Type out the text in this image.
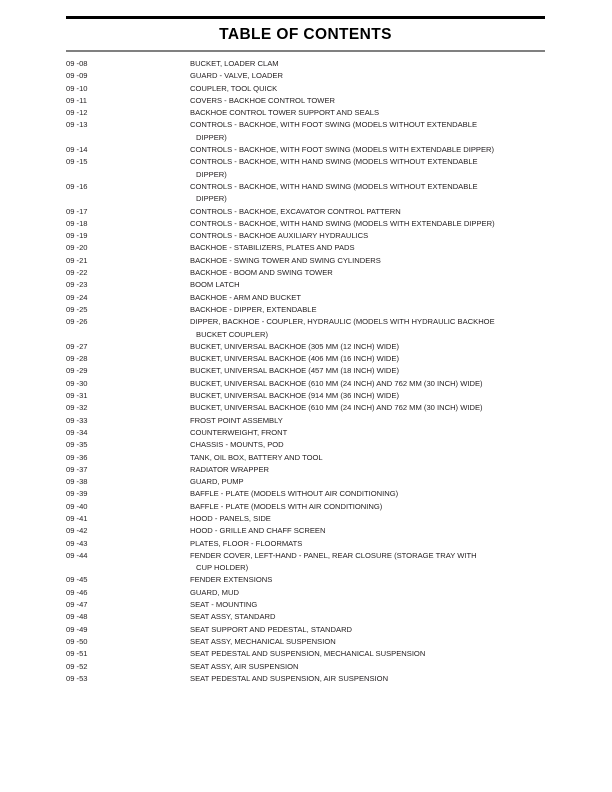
TABLE OF CONTENTS
09 -08	BUCKET, LOADER CLAM
09 -09	GUARD - VALVE, LOADER
09 -10	COUPLER, TOOL QUICK
09 -11	COVERS - BACKHOE CONTROL TOWER
09 -12	BACKHOE CONTROL TOWER SUPPORT AND SEALS
09 -13	CONTROLS - BACKHOE, WITH FOOT SWING (MODELS WITHOUT EXTENDABLE
DIPPER)
09 -14	CONTROLS - BACKHOE, WITH FOOT SWING (MODELS WITH EXTENDABLE DIPPER)
09 -15	CONTROLS - BACKHOE, WITH HAND SWING (MODELS WITHOUT EXTENDABLE
DIPPER)
09 -16	CONTROLS - BACKHOE, WITH HAND SWING (MODELS WITHOUT EXTENDABLE
DIPPER)
09 -17	CONTROLS - BACKHOE, EXCAVATOR CONTROL PATTERN
09 -18	CONTROLS - BACKHOE, WITH HAND SWING (MODELS WITH EXTENDABLE DIPPER)
09 -19	CONTROLS - BACKHOE AUXILIARY HYDRAULICS
09 -20	BACKHOE - STABILIZERS, PLATES AND PADS
09 -21	BACKHOE - SWING TOWER AND SWING CYLINDERS
09 -22	BACKHOE - BOOM AND SWING TOWER
09 -23	BOOM LATCH
09 -24	BACKHOE - ARM AND BUCKET
09 -25	BACKHOE - DIPPER, EXTENDABLE
09 -26	DIPPER, BACKHOE - COUPLER, HYDRAULIC (MODELS WITH HYDRAULIC BACKHOE
BUCKET COUPLER)
09 -27	BUCKET, UNIVERSAL BACKHOE (305 MM (12 INCH) WIDE)
09 -28	BUCKET, UNIVERSAL BACKHOE (406 MM (16 INCH) WIDE)
09 -29	BUCKET, UNIVERSAL BACKHOE (457 MM (18 INCH) WIDE)
09 -30	BUCKET, UNIVERSAL BACKHOE (610 MM (24 INCH) AND 762 MM (30 INCH) WIDE)
09 -31	BUCKET, UNIVERSAL BACKHOE (914 MM (36 INCH) WIDE)
09 -32	BUCKET, UNIVERSAL BACKHOE (610 MM (24 INCH) AND 762 MM (30 INCH) WIDE)
09 -33	FROST POINT ASSEMBLY
09 -34	COUNTERWEIGHT, FRONT
09 -35	CHASSIS - MOUNTS, POD
09 -36	TANK, OIL BOX, BATTERY AND TOOL
09 -37	RADIATOR WRAPPER
09 -38	GUARD, PUMP
09 -39	BAFFLE - PLATE (MODELS WITHOUT AIR CONDITIONING)
09 -40	BAFFLE - PLATE (MODELS WITH AIR CONDITIONING)
09 -41	HOOD - PANELS, SIDE
09 -42	HOOD - GRILLE AND CHAFF SCREEN
09 -43	PLATES, FLOOR - FLOORMATS
09 -44	FENDER COVER, LEFT-HAND - PANEL, REAR CLOSURE (STORAGE TRAY WITH
CUP HOLDER)
09 -45	FENDER EXTENSIONS
09 -46	GUARD, MUD
09 -47	SEAT - MOUNTING
09 -48	SEAT ASSY, STANDARD
09 -49	SEAT SUPPORT AND PEDESTAL, STANDARD
09 -50	SEAT ASSY, MECHANICAL SUSPENSION
09 -51	SEAT PEDESTAL AND SUSPENSION, MECHANICAL SUSPENSION
09 -52	SEAT ASSY, AIR SUSPENSION
09 -53	SEAT PEDESTAL AND SUSPENSION, AIR SUSPENSION
